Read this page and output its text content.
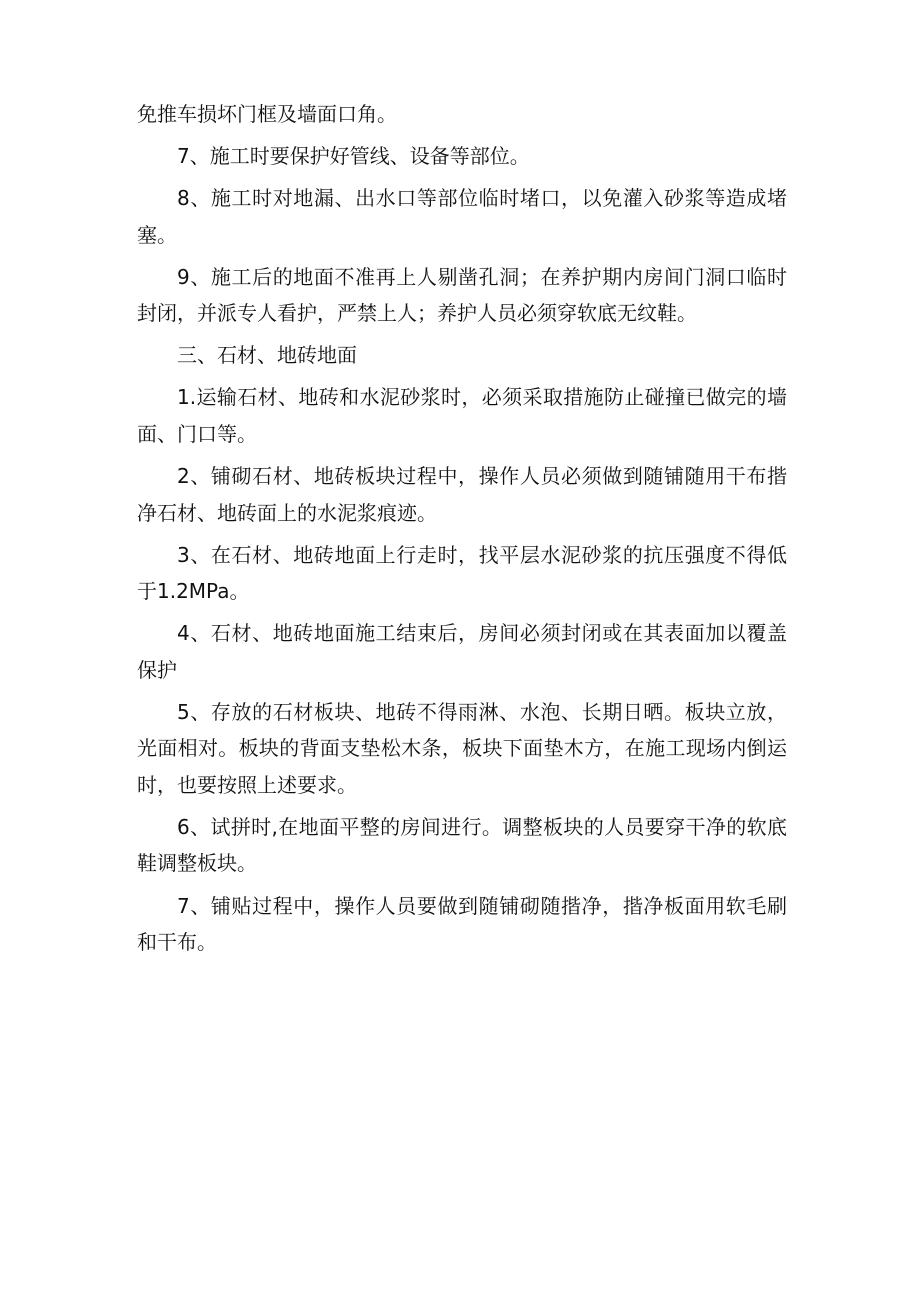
免推车损坏门框及墙面口角。

7、施工时要保护好管线、设备等部位。

8、施工时对地漏、出水口等部位临时堵口，以免灌入砂浆等造成堵
塞。

9、施工后的地面不准再上人剔凿孔洞；在养护期内房间门洞口临时
封闭，并派专人看护，严禁上人；养护人员必须穿软底无纹鞋。

三、石材、地砖地面

1.运输石材、地砖和水泥砂浆时，必须采取措施防止碰撞已做完的墙
面、门口等。

2、铺砌石材、地砖板块过程中，操作人员必须做到随铺随用干布揩
净石材、地砖面上的水泥浆痕迹。

3、在石材、地砖地面上行走时，找平层水泥砂浆的抗压强度不得低
于1.2MPa。

4、石材、地砖地面施工结束后，房间必须封闭或在其表面加以覆盖
保护

5、存放的石材板块、地砖不得雨淋、水泡、长期日晒。板块立放，
光面相对。板块的背面支垫松木条，板块下面垫木方，在施工现场内倒运
时，也要按照上述要求。

6、试拼时,在地面平整的房间进行。调整板块的人员要穿干净的软底
鞋调整板块。

7、铺贴过程中，操作人员要做到随铺砌随揩净，揩净板面用软毛刷
和干布。
